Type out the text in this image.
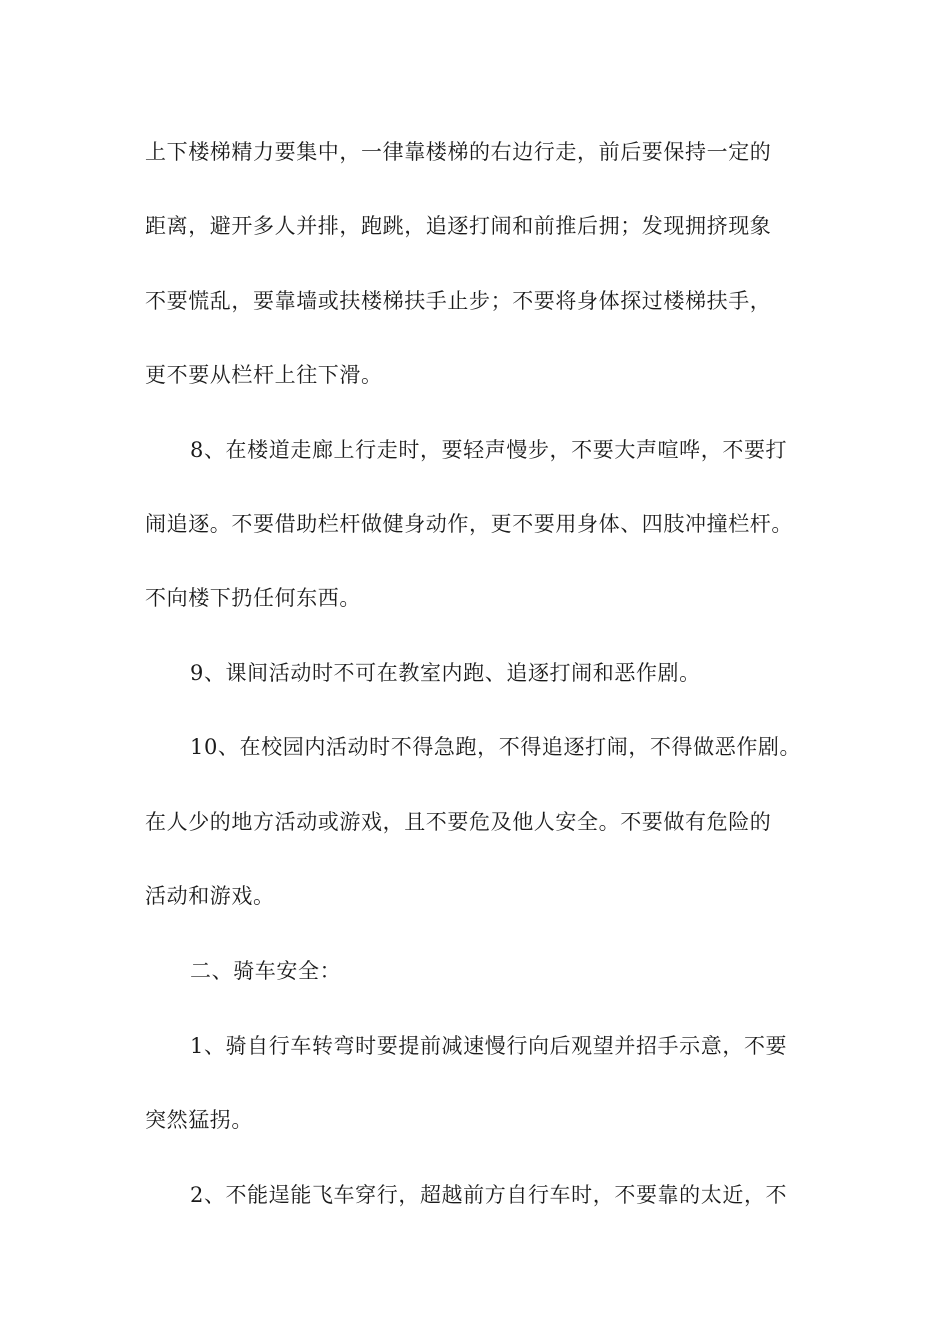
上下楼梯精力要集中，一律靠楼梯的右边行走，前后要保持一定的
距离，避开多人并排，跑跳，追逐打闹和前推后拥；发现拥挤现象
不要慌乱，要靠墙或扶楼梯扶手止步；不要将身体探过楼梯扶手，
更不要从栏杆上往下滑。
8、在楼道走廊上行走时，要轻声慢步，不要大声喧哗，不要打
闹追逐。不要借助栏杆做健身动作，更不要用身体、四肢冲撞栏杆。
不向楼下扔任何东西。
9、课间活动时不可在教室内跑、追逐打闹和恶作剧。
10、在校园内活动时不得急跑，不得追逐打闹，不得做恶作剧。
在人少的地方活动或游戏，且不要危及他人安全。不要做有危险的
活动和游戏。
二、骑车安全：
1、骑自行车转弯时要提前减速慢行向后观望并招手示意，不要
突然猛拐。
2、不能逞能飞车穿行，超越前方自行车时，不要靠的太近，不
